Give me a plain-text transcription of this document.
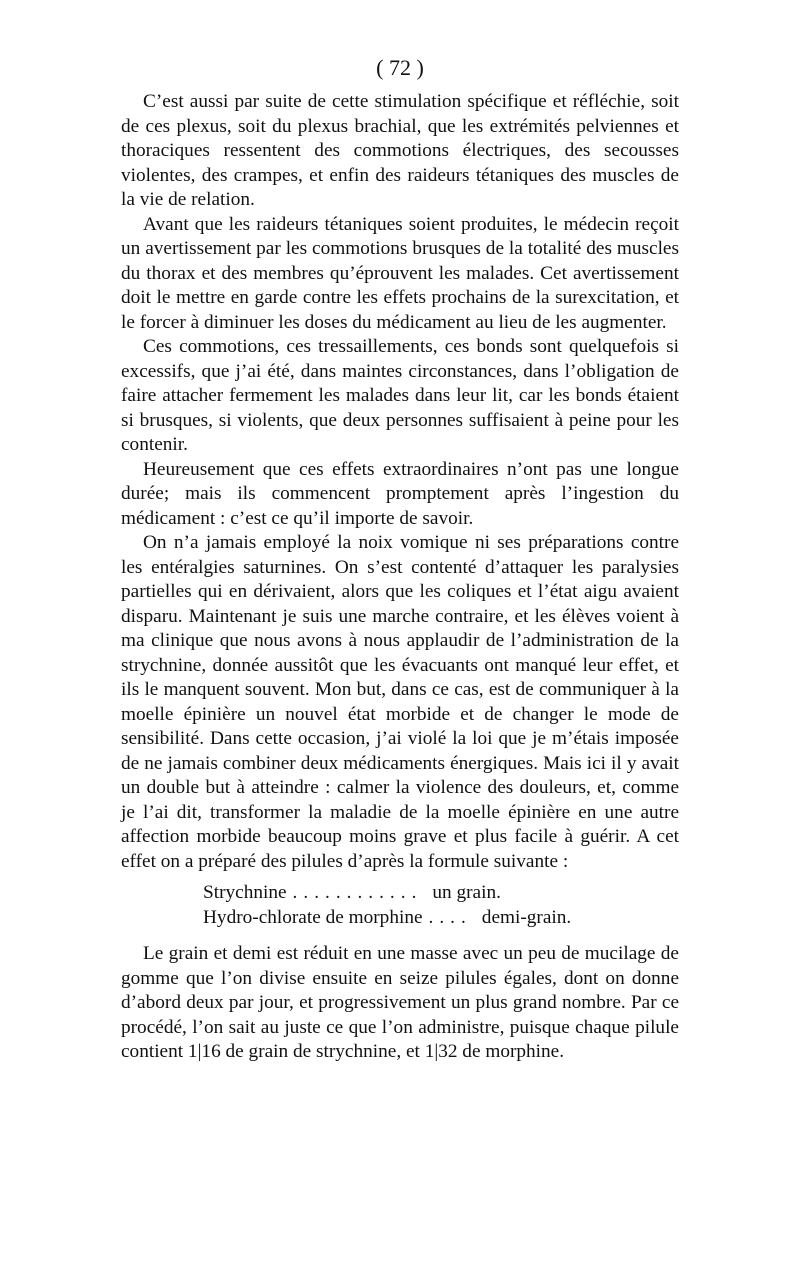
( 72 )

C’est aussi par suite de cette stimulation spécifique et réfléchie, soit de ces plexus, soit du plexus brachial, que les extrémités pelviennes et thoraciques ressentent des commotions électriques, des secousses violentes, des crampes, et enfin des raideurs tétaniques des muscles de la vie de relation.

Avant que les raideurs tétaniques soient produites, le médecin reçoit un avertissement par les commotions brusques de la totalité des muscles du thorax et des membres qu’éprouvent les malades. Cet avertissement doit le mettre en garde contre les effets prochains de la surexcitation, et le forcer à diminuer les doses du médicament au lieu de les augmenter.

Ces commotions, ces tressaillements, ces bonds sont quelquefois si excessifs, que j’ai été, dans maintes circonstances, dans l’obligation de faire attacher fermement les malades dans leur lit, car les bonds étaient si brusques, si violents, que deux personnes suffisaient à peine pour les contenir.

Heureusement que ces effets extraordinaires n’ont pas une longue durée; mais ils commencent promptement après l’ingestion du médicament : c’est ce qu’il importe de savoir.

On n’a jamais employé la noix vomique ni ses préparations contre les entéralgies saturnines. On s’est contenté d’attaquer les paralysies partielles qui en dérivaient, alors que les coliques et l’état aigu avaient disparu. Maintenant je suis une marche contraire, et les élèves voient à ma clinique que nous avons à nous applaudir de l’administration de la strychnine, donnée aussitôt que les évacuants ont manqué leur effet, et ils le manquent souvent. Mon but, dans ce cas, est de communiquer à la moelle épinière un nouvel état morbide et de changer le mode de sensibilité. Dans cette occasion, j’ai violé la loi que je m’étais imposée de ne jamais combiner deux médicaments énergiques. Mais ici il y avait un double but à atteindre : calmer la violence des douleurs, et, comme je l’ai dit, transformer la maladie de la moelle épinière en une autre affection morbide beaucoup moins grave et plus facile à guérir. A cet effet on a préparé des pilules d’après la formule suivante :

Strychnine ............ un grain.
Hydro-chlorate de morphine .... demi-grain.

Le grain et demi est réduit en une masse avec un peu de mucilage de gomme que l’on divise ensuite en seize pilules égales, dont on donne d’abord deux par jour, et progressivement un plus grand nombre. Par ce procédé, l’on sait au juste ce que l’on administre, puisque chaque pilule contient 1|16 de grain de strychnine, et 1|32 de morphine.
